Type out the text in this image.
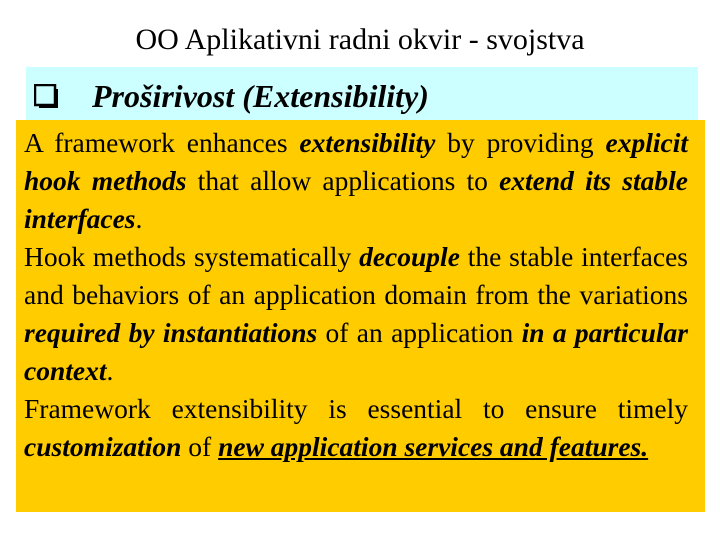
OO Aplikativni radni okvir - svojstva
Proširivost (Extensibility)

A framework enhances extensibility by providing explicit hook methods that allow applications to extend its stable interfaces.

Hook methods systematically decouple the stable interfaces and behaviors of an application domain from the variations required by instantiations of an application in a particular context.

Framework extensibility is essential to ensure timely customization of new application services and features.
